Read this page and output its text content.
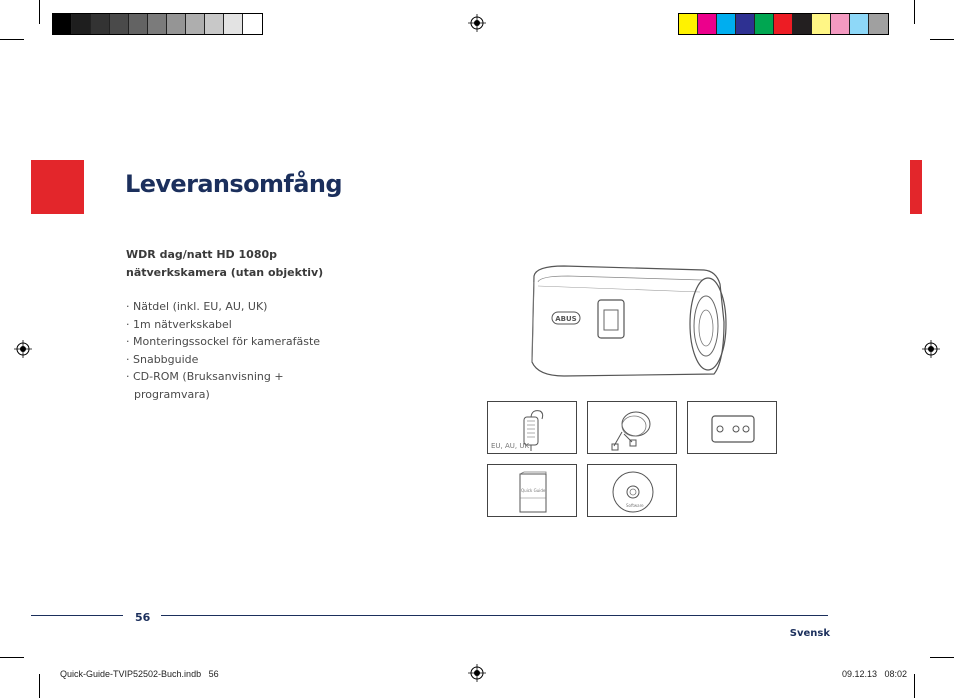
Leveransomfång
WDR dag/natt HD 1080p
nätverkskamera (utan objektiv)
· Nätdel (inkl. EU, AU, UK)
· 1m nätverkskabel
· Monteringssockel för kamerafäste
· Snabbguide
· CD-ROM (Bruksanvisning + programvara)
ABUS
EU, AU, UK
Quick Guide
Software
56
Svensk
Quick-Guide-TVIP52502-Buch.indb   56	09.12.13   08:02
